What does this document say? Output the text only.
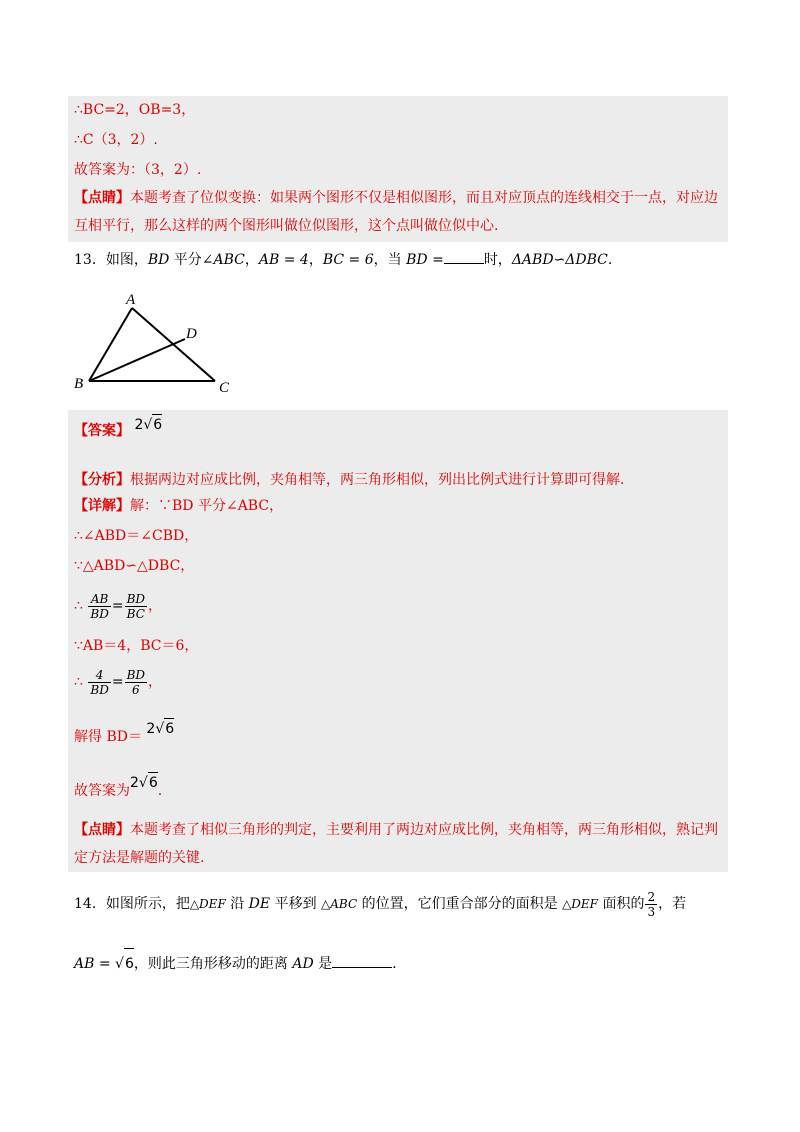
∴BC=2，OB=3，
∴C（3，2）.
故答案为：（3，2）.
【点睛】本题考查了位似变换：如果两个图形不仅是相似图形，而且对应顶点的连线相交于一点，对应边
互相平行，那么这样的两个图形叫做位似图形，这个点叫做位似中心.
13．如图，BD 平分∠ABC，AB = 4，BC = 6，当 BD =	时，ΔABD∽ΔDBC.
A
B	C
D
【答案】 2√6
【分析】根据两边对应成比例，夹角相等，两三角形相似，列出比例式进行计算即可得解.
【详解】解：∵BD 平分∠ABC，
∴∠ABD＝∠CBD，
∵△ABD∽△DBC，
∴ $\frac{AB}{BD} = \frac{BD}{BC}$ ，
∵AB＝4，BC＝6，
∴ $\frac{4}{BD} = \frac{BD}{6}$ ，
解得 BD＝ 2√6
故答案为2√6.
【点睛】本题考查了相似三角形的判定，主要利用了两边对应成比例，夹角相等，两三角形相似，熟记判
定方法是解题的关键.
14．如图所示，把△DEF 沿 DE 平移到 △ABC 的位置，它们重合部分的面积是 △DEF 面积的 $\frac{2}{3}$ ，若
AB = √6，则此三角形移动的距离 AD 是	.
